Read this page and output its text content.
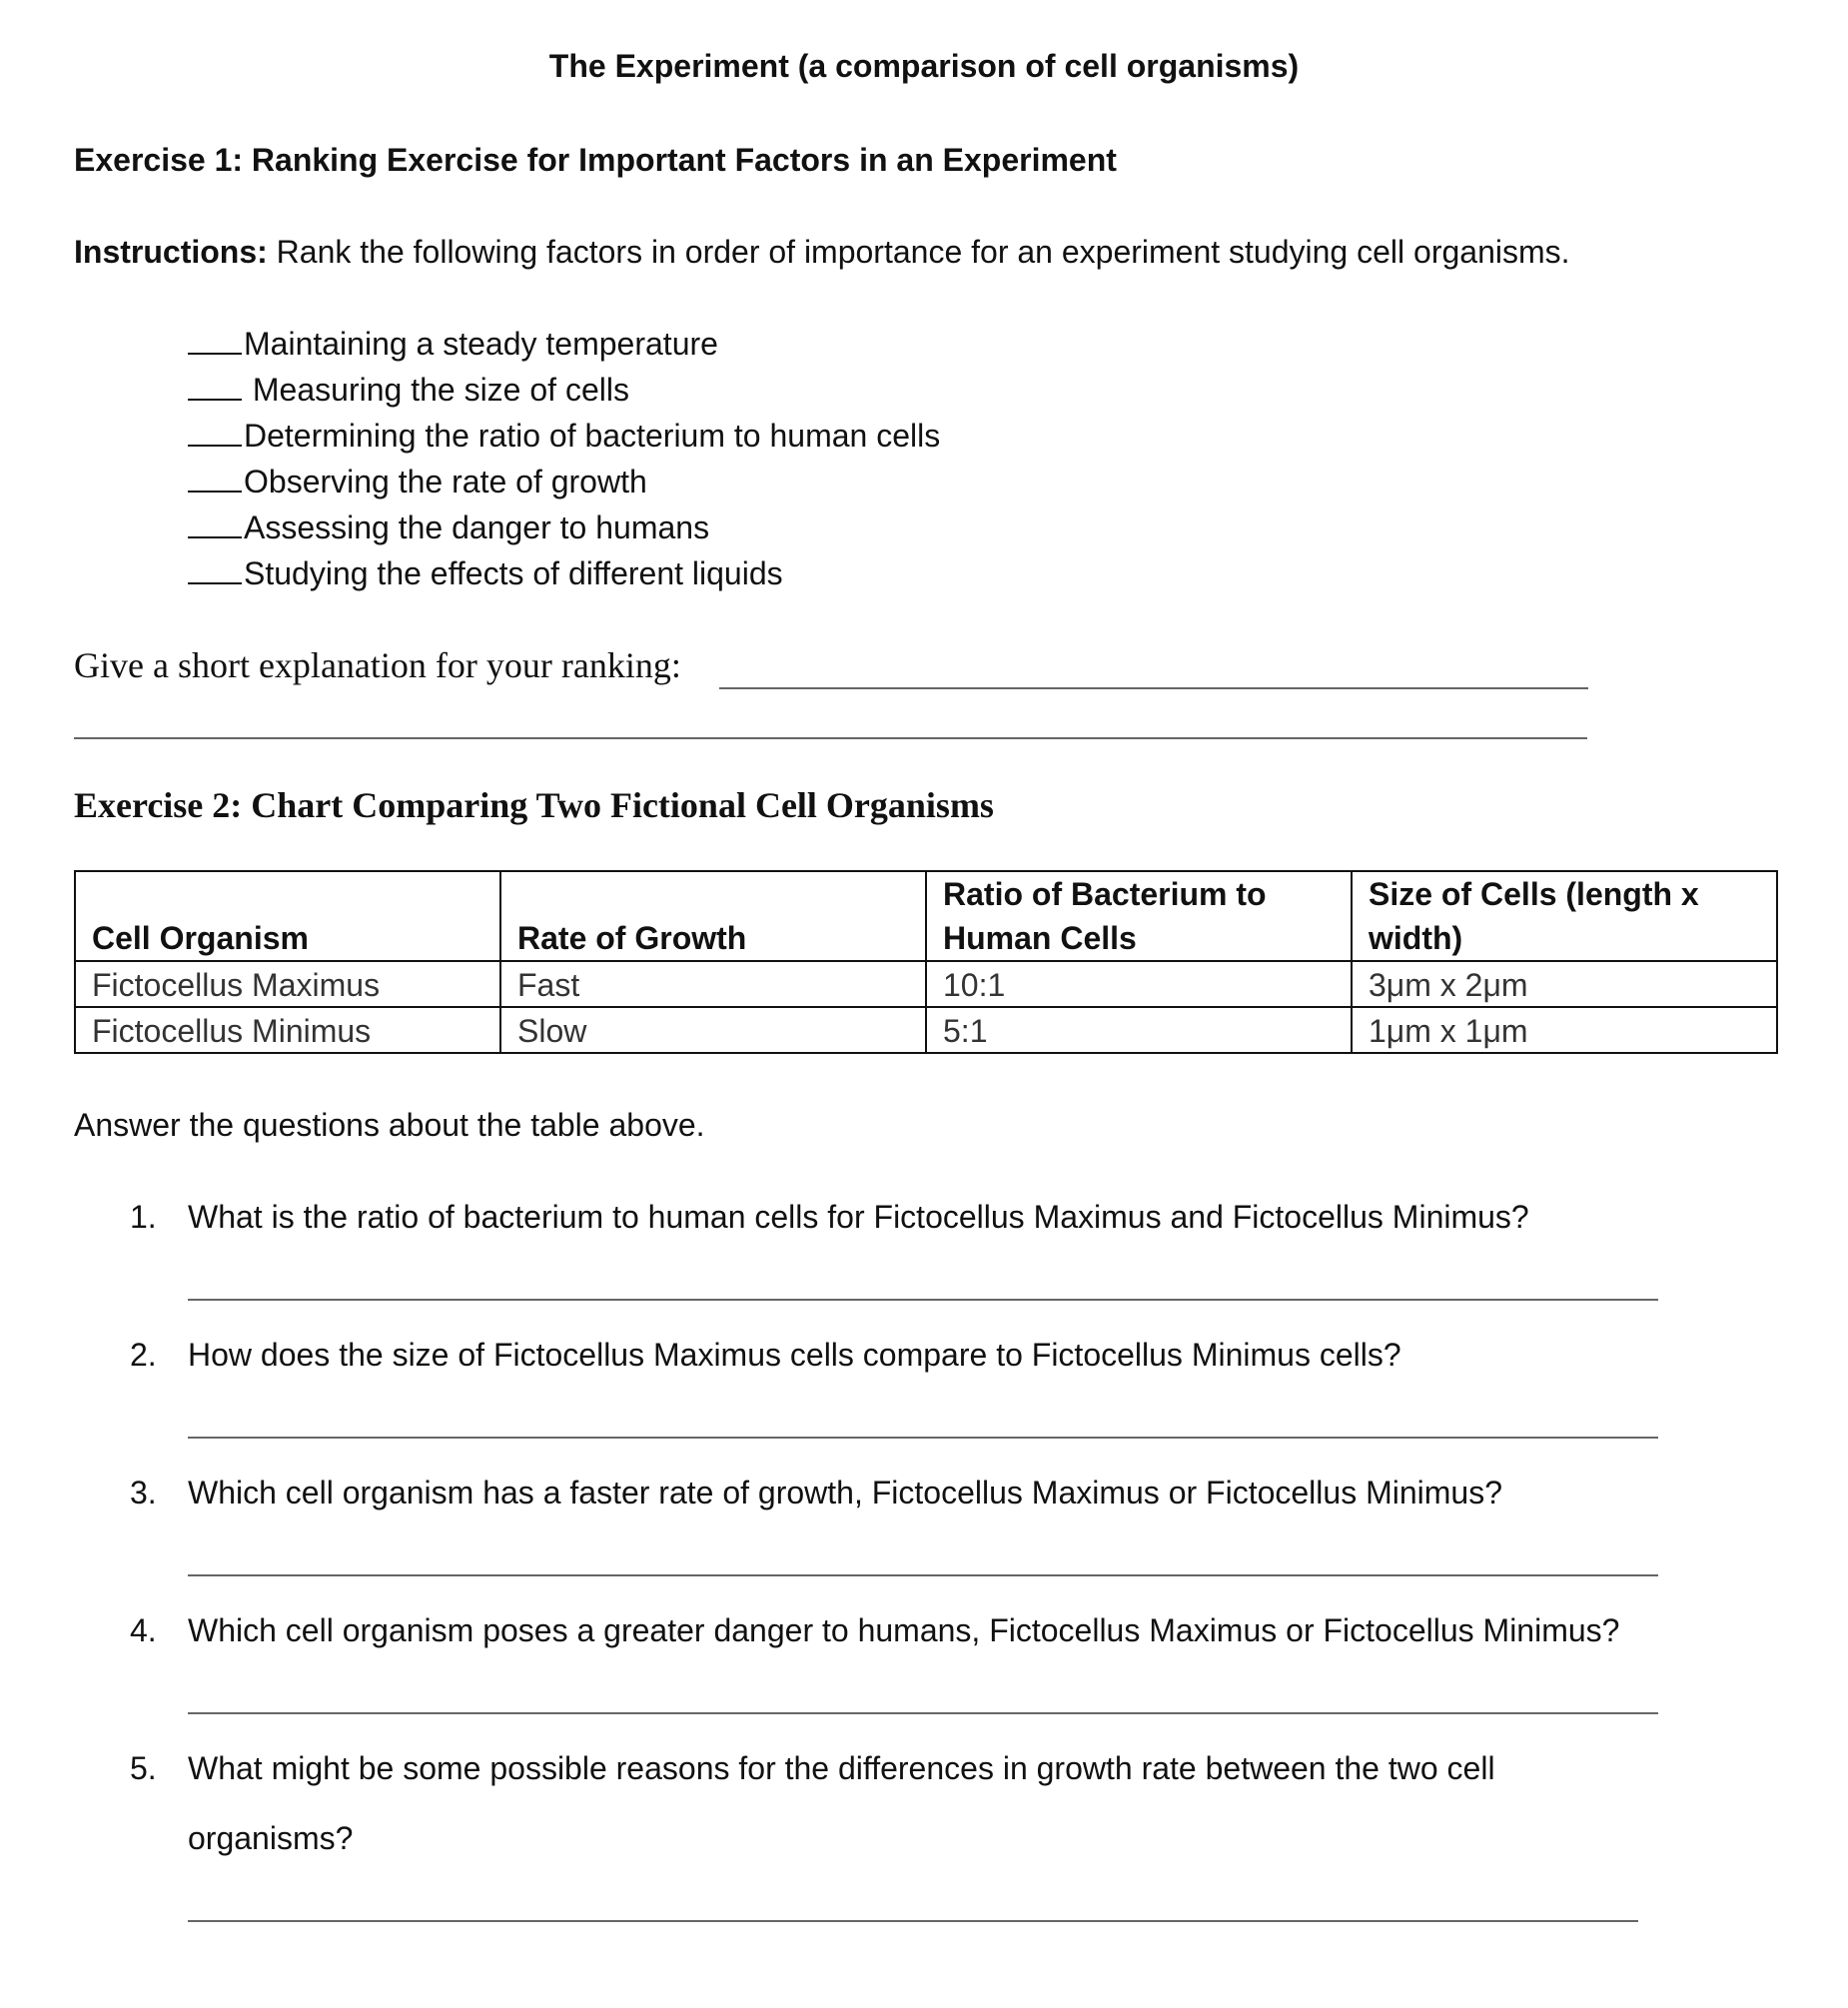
The Experiment (a comparison of cell organisms)
Exercise 1: Ranking Exercise for Important Factors in an Experiment
Instructions: Rank the following factors in order of importance for an experiment studying cell organisms.
Maintaining a steady temperature
Measuring the size of cells
Determining the ratio of bacterium to human cells
Observing the rate of growth
Assessing the danger to humans
Studying the effects of different liquids
Give a short explanation for your ranking:
Exercise 2: Chart Comparing Two Fictional Cell Organisms
Cell Organism	Rate of Growth	Ratio of Bacterium to Human Cells	Size of Cells (length x width)
Fictocellus Maximus	Fast	10:1	3μm x 2μm
Fictocellus Minimus	Slow	5:1	1μm x 1μm
Answer the questions about the table above.
1. What is the ratio of bacterium to human cells for Fictocellus Maximus and Fictocellus Minimus?
2. How does the size of Fictocellus Maximus cells compare to Fictocellus Minimus cells?
3. Which cell organism has a faster rate of growth, Fictocellus Maximus or Fictocellus Minimus?
4. Which cell organism poses a greater danger to humans, Fictocellus Maximus or Fictocellus Minimus?
5. What might be some possible reasons for the differences in growth rate between the two cell
organisms?
